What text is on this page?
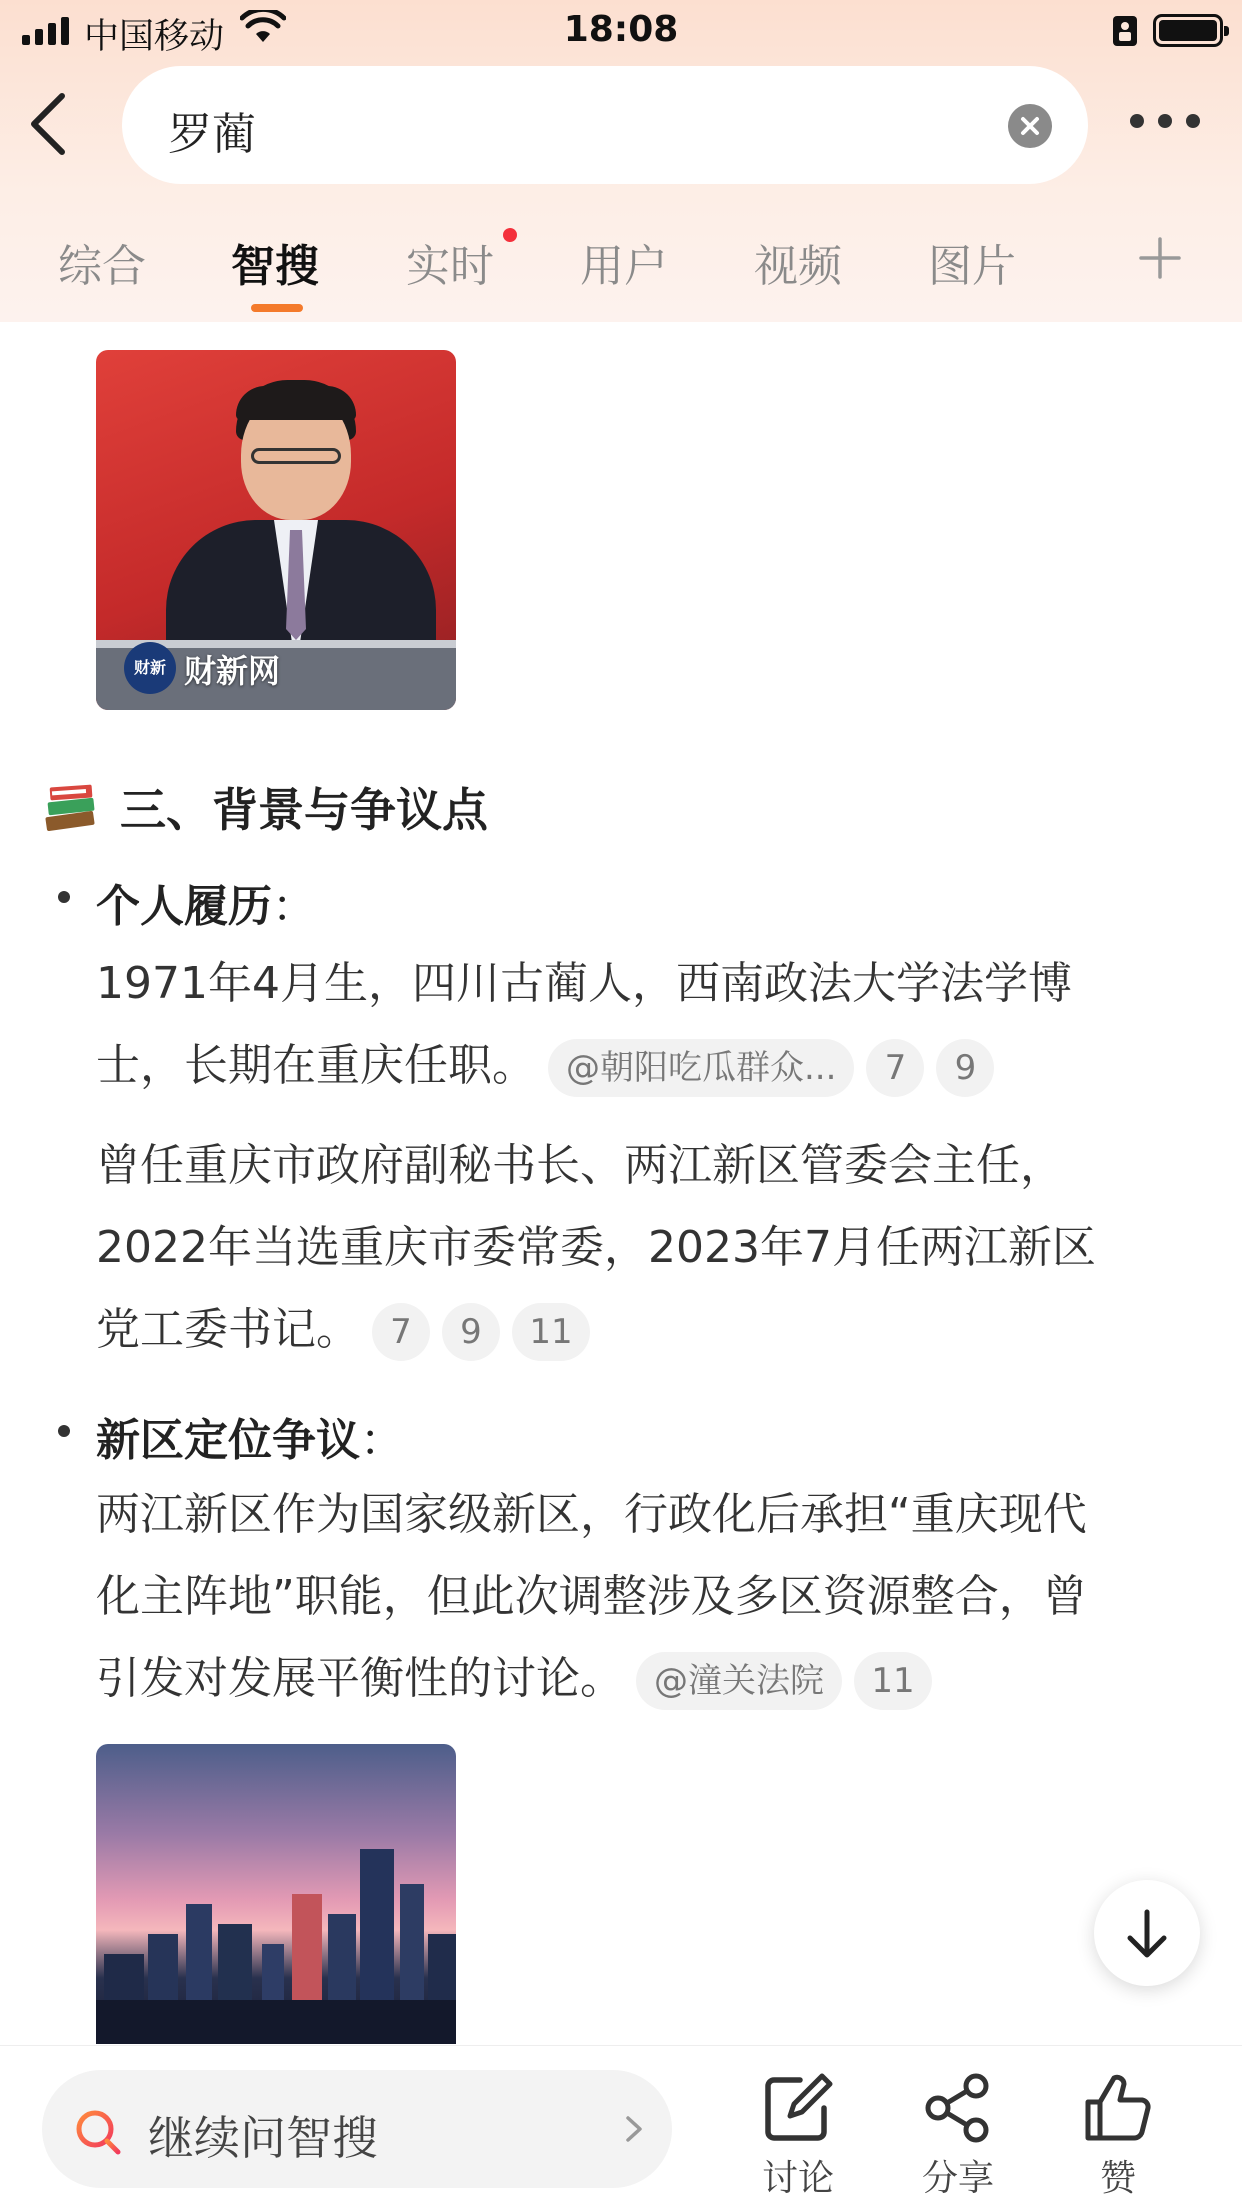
中国移动	18:08
罗蔺
综合 智搜 实时 用户 视频 图片
财新 财新网
三、背景与争议点
个人履历：
1971年4月生，四川古蔺人，西南政法大学法学博
士，长期在重庆任职。 @朝阳吃瓜群众... 7 9
曾任重庆市政府副秘书长、两江新区管委会主任，
2022年当选重庆市委常委，2023年7月任两江新区
党工委书记。 7 9 11
新区定位争议：
两江新区作为国家级新区，行政化后承担“重庆现代
化主阵地”职能，但此次调整涉及多区资源整合，曾
引发对发展平衡性的讨论。 @潼关法院 11
继续问智搜
讨论	分享	赞
